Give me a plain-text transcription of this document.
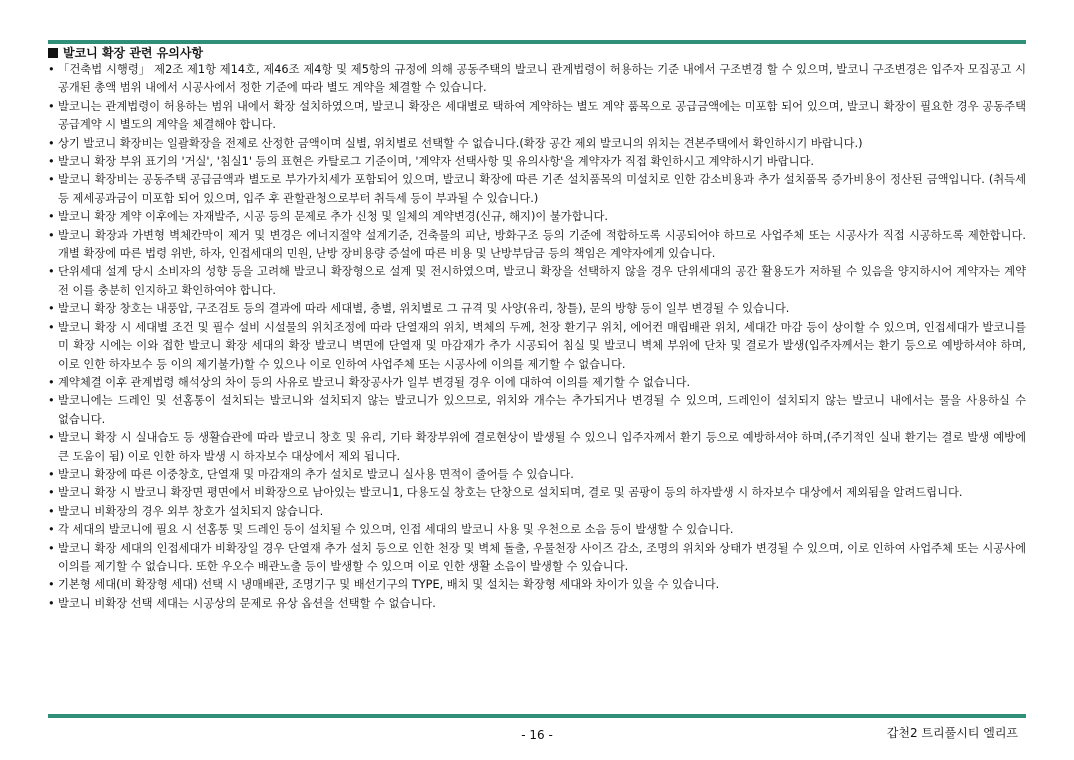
발코니 확장 관련 유의사항
• 「건축법 시행령」 제2조 제1항 제14호, 제46조 제4항 및 제5항의 규정에 의해 공동주택의 발코니 관계법령이 허용하는 기준 내에서 구조변경 할 수 있으며, 발코니 구조변경은 입주자 모집공고 시 공개된 총액 범위 내에서 시공사에서 정한 기준에 따라 별도 계약을 체결할 수 있습니다.
• 발코니는 관계법령이 허용하는 범위 내에서 확장 설치하였으며, 발코니 확장은 세대별로 택하여 계약하는 별도 계약 품목으로 공급금액에는 미포함 되어 있으며, 발코니 확장이 필요한 경우 공동주택 공급계약 시 별도의 계약을 체결해야 합니다.
• 상기 발코니 확장비는 일괄확장을 전제로 산정한 금액이며 실별, 위치별로 선택할 수 없습니다.(확장 공간 제외 발코니의 위치는 견본주택에서 확인하시기 바랍니다.)
• 발코니 확장 부위 표기의 '거실', '침실1' 등의 표현은 카탈로그 기준이며, '계약자 선택사항 및 유의사항'을 계약자가 직접 확인하시고 계약하시기 바랍니다.
• 발코니 확장비는 공동주택 공급금액과 별도로 부가가치세가 포함되어 있으며, 발코니 확장에 따른 기존 설치품목의 미설치로 인한 감소비용과 추가 설치품목 증가비용이 정산된 금액입니다. (취득세 등 제세공과금이 미포함 되어 있으며, 입주 후 관할관청으로부터 취득세 등이 부과될 수 있습니다.)
• 발코니 확장 계약 이후에는 자재발주, 시공 등의 문제로 추가 신청 및 일체의 계약변경(신규, 해지)이 불가합니다.
• 발코니 확장과 가변형 벽체칸막이 제거 및 변경은 에너지절약 설계기준, 건축물의 피난, 방화구조 등의 기준에 적합하도록 시공되어야 하므로 사업주체 또는 시공사가 직접 시공하도록 제한합니다. 개별 확장에 따른 법령 위반, 하자, 인접세대의 민원, 난방 장비용량 증설에 따른 비용 및 난방부담금 등의 책임은 계약자에게 있습니다.
• 단위세대 설계 당시 소비자의 성향 등을 고려해 발코니 확장형으로 설계 및 전시하였으며, 발코니 확장을 선택하지 않을 경우 단위세대의 공간 활용도가 저하될 수 있음을 양지하시어 계약자는 계약 전 이를 충분히 인지하고 확인하여야 합니다.
• 발코니 확장 창호는 내풍압, 구조검토 등의 결과에 따라 세대별, 층별, 위치별로 그 규격 및 사양(유리, 창틀), 문의 방향 등이 일부 변경될 수 있습니다.
• 발코니 확장 시 세대별 조건 및 필수 설비 시설물의 위치조정에 따라 단열재의 위치, 벽체의 두께, 천장 환기구 위치, 에어컨 매립배관 위치, 세대간 마감 등이 상이할 수 있으며, 인접세대가 발코니를 미 확장 시에는 이와 접한 발코니 확장 세대의 확장 발코니 벽면에 단열재 및 마감재가 추가 시공되어 침실 및 발코니 벽체 부위에 단차 및 결로가 발생(입주자께서는 환기 등으로 예방하셔야 하며, 이로 인한 하자보수 등 이의 제기불가)할 수 있으나 이로 인하여 사업주체 또는 시공사에 이의를 제기할 수 없습니다.
• 계약체결 이후 관계법령 해석상의 차이 등의 사유로 발코니 확장공사가 일부 변경될 경우 이에 대하여 이의를 제기할 수 없습니다.
• 발코니에는 드레인 및 선홈통이 설치되는 발코니와 설치되지 않는 발코니가 있으므로, 위치와 개수는 추가되거나 변경될 수 있으며, 드레인이 설치되지 않는 발코니 내에서는 물을 사용하실 수 없습니다.
• 발코니 확장 시 실내습도 등 생활습관에 따라 발코니 창호 및 유리, 기타 확장부위에 결로현상이 발생될 수 있으니 입주자께서 환기 등으로 예방하셔야 하며,(주기적인 실내 환기는 결로 발생 예방에 큰 도움이 됨) 이로 인한 하자 발생 시 하자보수 대상에서 제외 됩니다.
• 발코니 확장에 따른 이중창호, 단열재 및 마감재의 추가 설치로 발코니 실사용 면적이 줄어들 수 있습니다.
• 발코니 확장 시 발코니 확장면 평면에서 비확장으로 남아있는 발코니1, 다용도실 창호는 단창으로 설치되며, 결로 및 곰팡이 등의 하자발생 시 하자보수 대상에서 제외됨을 알려드립니다.
• 발코니 비확장의 경우 외부 창호가 설치되지 않습니다.
• 각 세대의 발코니에 필요 시 선홈통 및 드레인 등이 설치될 수 있으며, 인접 세대의 발코니 사용 및 우천으로 소음 등이 발생할 수 있습니다.
• 발코니 확장 세대의 인접세대가 비확장일 경우 단열재 추가 설치 등으로 인한 천장 및 벽체 돌출, 우물천장 사이즈 감소, 조명의 위치와 상태가 변경될 수 있으며, 이로 인하여 사업주체 또는 시공사에 이의를 제기할 수 없습니다. 또한 우오수 배관노출 등이 발생할 수 있으며 이로 인한 생활 소음이 발생할 수 있습니다.
• 기본형 세대(비 확장형 세대) 선택 시 냉매배관, 조명기구 및 배선기구의 TYPE, 배치 및 설치는 확장형 세대와 차이가 있을 수 있습니다.
• 발코니 비확장 선택 세대는 시공상의 문제로 유상 옵션을 선택할 수 없습니다.
- 16 -	갑천2 트리풀시티 엘리프
